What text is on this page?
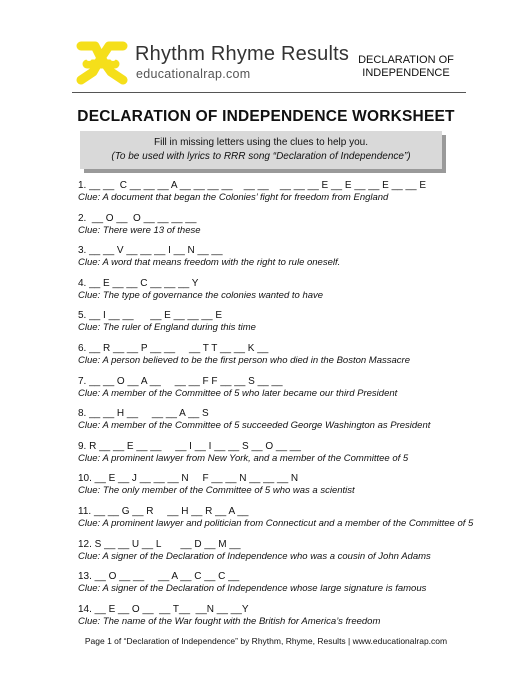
Rhythm Rhyme Results
educationalrap.com
DECLARATION OF
INDEPENDENCE
DECLARATION OF INDEPENDENCE WORKSHEET
Fill in missing letters using the clues to help you.
(To be used with lyrics to RRR song “Declaration of Independence”)
1. __ __  C __ __ __ A __ __ __ __    __ __    __ __ __ E __ E __ __ E __ __ E
Clue: A document that began the Colonies’ fight for freedom from England
2.  __ O __  O __ __ __ __
Clue: There were 13 of these
3. __ __ V __ __ __ I __ N __ __
Clue: A word that means freedom with the right to rule oneself.
4. __ E __ __ C __ __ __ Y
Clue: The type of governance the colonies wanted to have
5. __ I __ __      __ E __ __ __ E
Clue: The ruler of England during this time
6. __ R __ __ P __ __     __ T T __ __ K __
Clue: A person believed to be the first person who died in the Boston Massacre
7. __ __ O __ A __     __ __ F F __ __ S __ __
Clue: A member of the Committee of 5 who later became our third President
8. __ __ H __     __ __ A __ S
Clue: A member of the Committee of 5 succeeded George Washington as President
9. R __ __ E __ __     __ I __ I __ __ S __ O __ __
Clue: A prominent lawyer from New York, and a member of the Committee of 5
10. __ E __ J __ __ __ N     F __ __ N __ __ __ N
Clue: The only member of the Committee of 5 who was a scientist
11. __ __ G __ R     __ H __ R __ A __
Clue: A prominent lawyer and politician from Connecticut and a member of the Committee of 5
12. S __ __ U __ L       __ D __ M __
Clue: A signer of the Declaration of Independence who was a cousin of John Adams
13. __ O __ __     __ A __ C __ C __
Clue: A signer of the Declaration of Independence whose large signature is famous
14. __ E __ O __  __ T__  __N __ __Y
Clue: The name of the War fought with the British for America’s freedom
Page 1 of “Declaration of Independence” by Rhythm, Rhyme, Results | www.educationalrap.com
